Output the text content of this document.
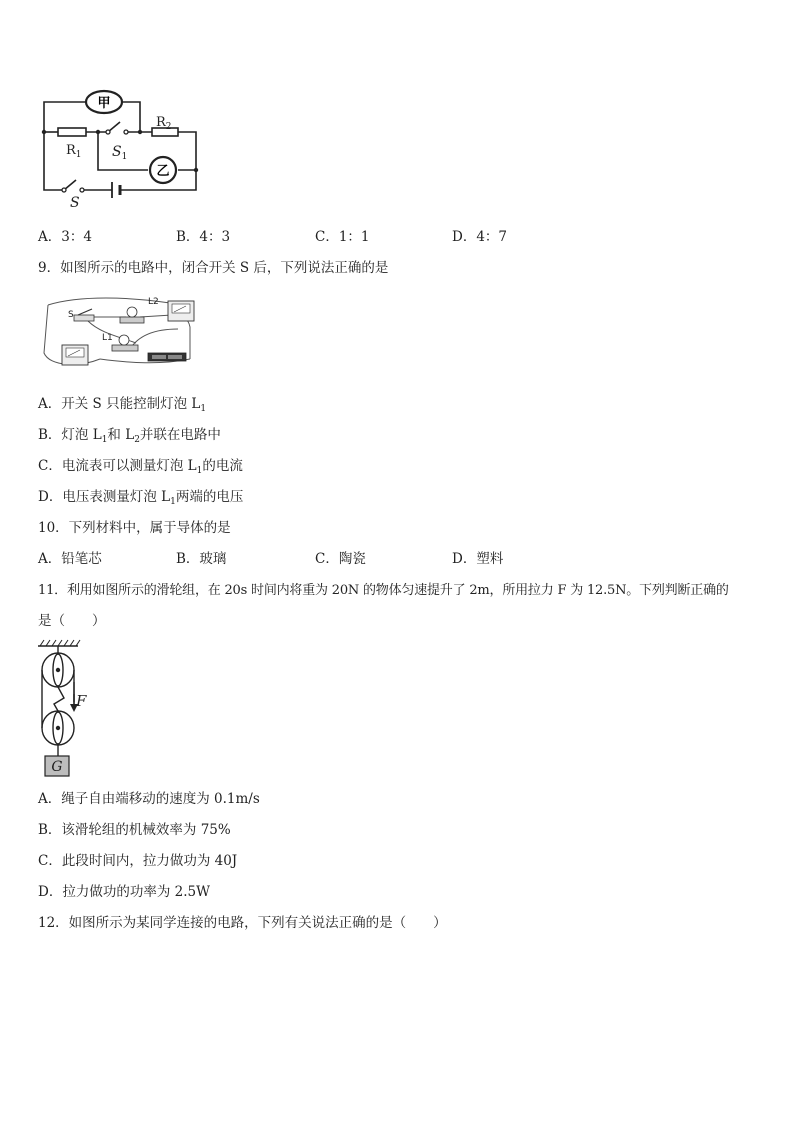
甲
乙
$R_1$
$R_2$
$S_1$
S
A．3：4	B．4：3	C．1：1	D．4：7
9．如图所示的电路中，闭合开关 S 后，下列说法正确的是
S
L2
L1
A．开关 S 只能控制灯泡 $L_1$
B．灯泡 $L_1$和 $L_2$并联在电路中
C．电流表可以测量灯泡 $L_1$的电流
D．电压表测量灯泡 $L_1$两端的电压
10．下列材料中，属于导体的是
A．铅笔芯	B．玻璃	C．陶瓷	D．塑料
11．利用如图所示的滑轮组，在 20s 时间内将重为 20N 的物体匀速提升了 2m，所用拉力 F 为 12.5N。下列判断正确的
是（　　）
F
G
A．绳子自由端移动的速度为 0.1m/s
B．该滑轮组的机械效率为 75%
C．此段时间内，拉力做功为 40J
D．拉力做功的功率为 2.5W
12．如图所示为某同学连接的电路，下列有关说法正确的是（　　）
